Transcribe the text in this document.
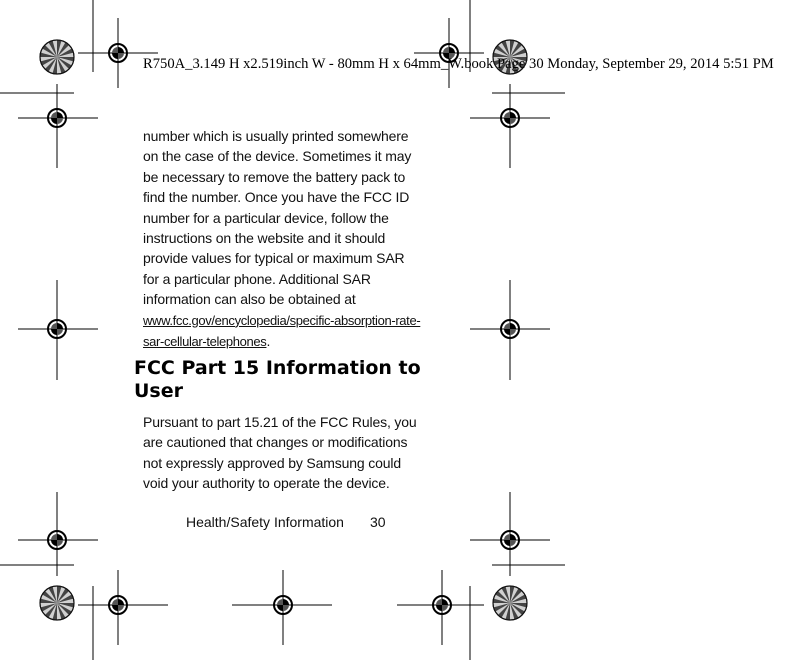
R750A_3.149 H x2.519inch W - 80mm H x 64mm_W.book Page 30 Monday, September 29, 2014 5:51 PM
number which is usually printed somewhere on the case of the device. Sometimes it may be necessary to remove the battery pack to find the number. Once you have the FCC ID number for a particular device, follow the instructions on the website and it should provide values for typical or maximum SAR for a particular phone. Additional SAR information can also be obtained at www.fcc.gov/encyclopedia/specific-absorption-rate-sar-cellular-telephones.
FCC Part 15 Information to User
Pursuant to part 15.21 of the FCC Rules, you are cautioned that changes or modifications not expressly approved by Samsung could void your authority to operate the device.
Health/Safety Information 30
